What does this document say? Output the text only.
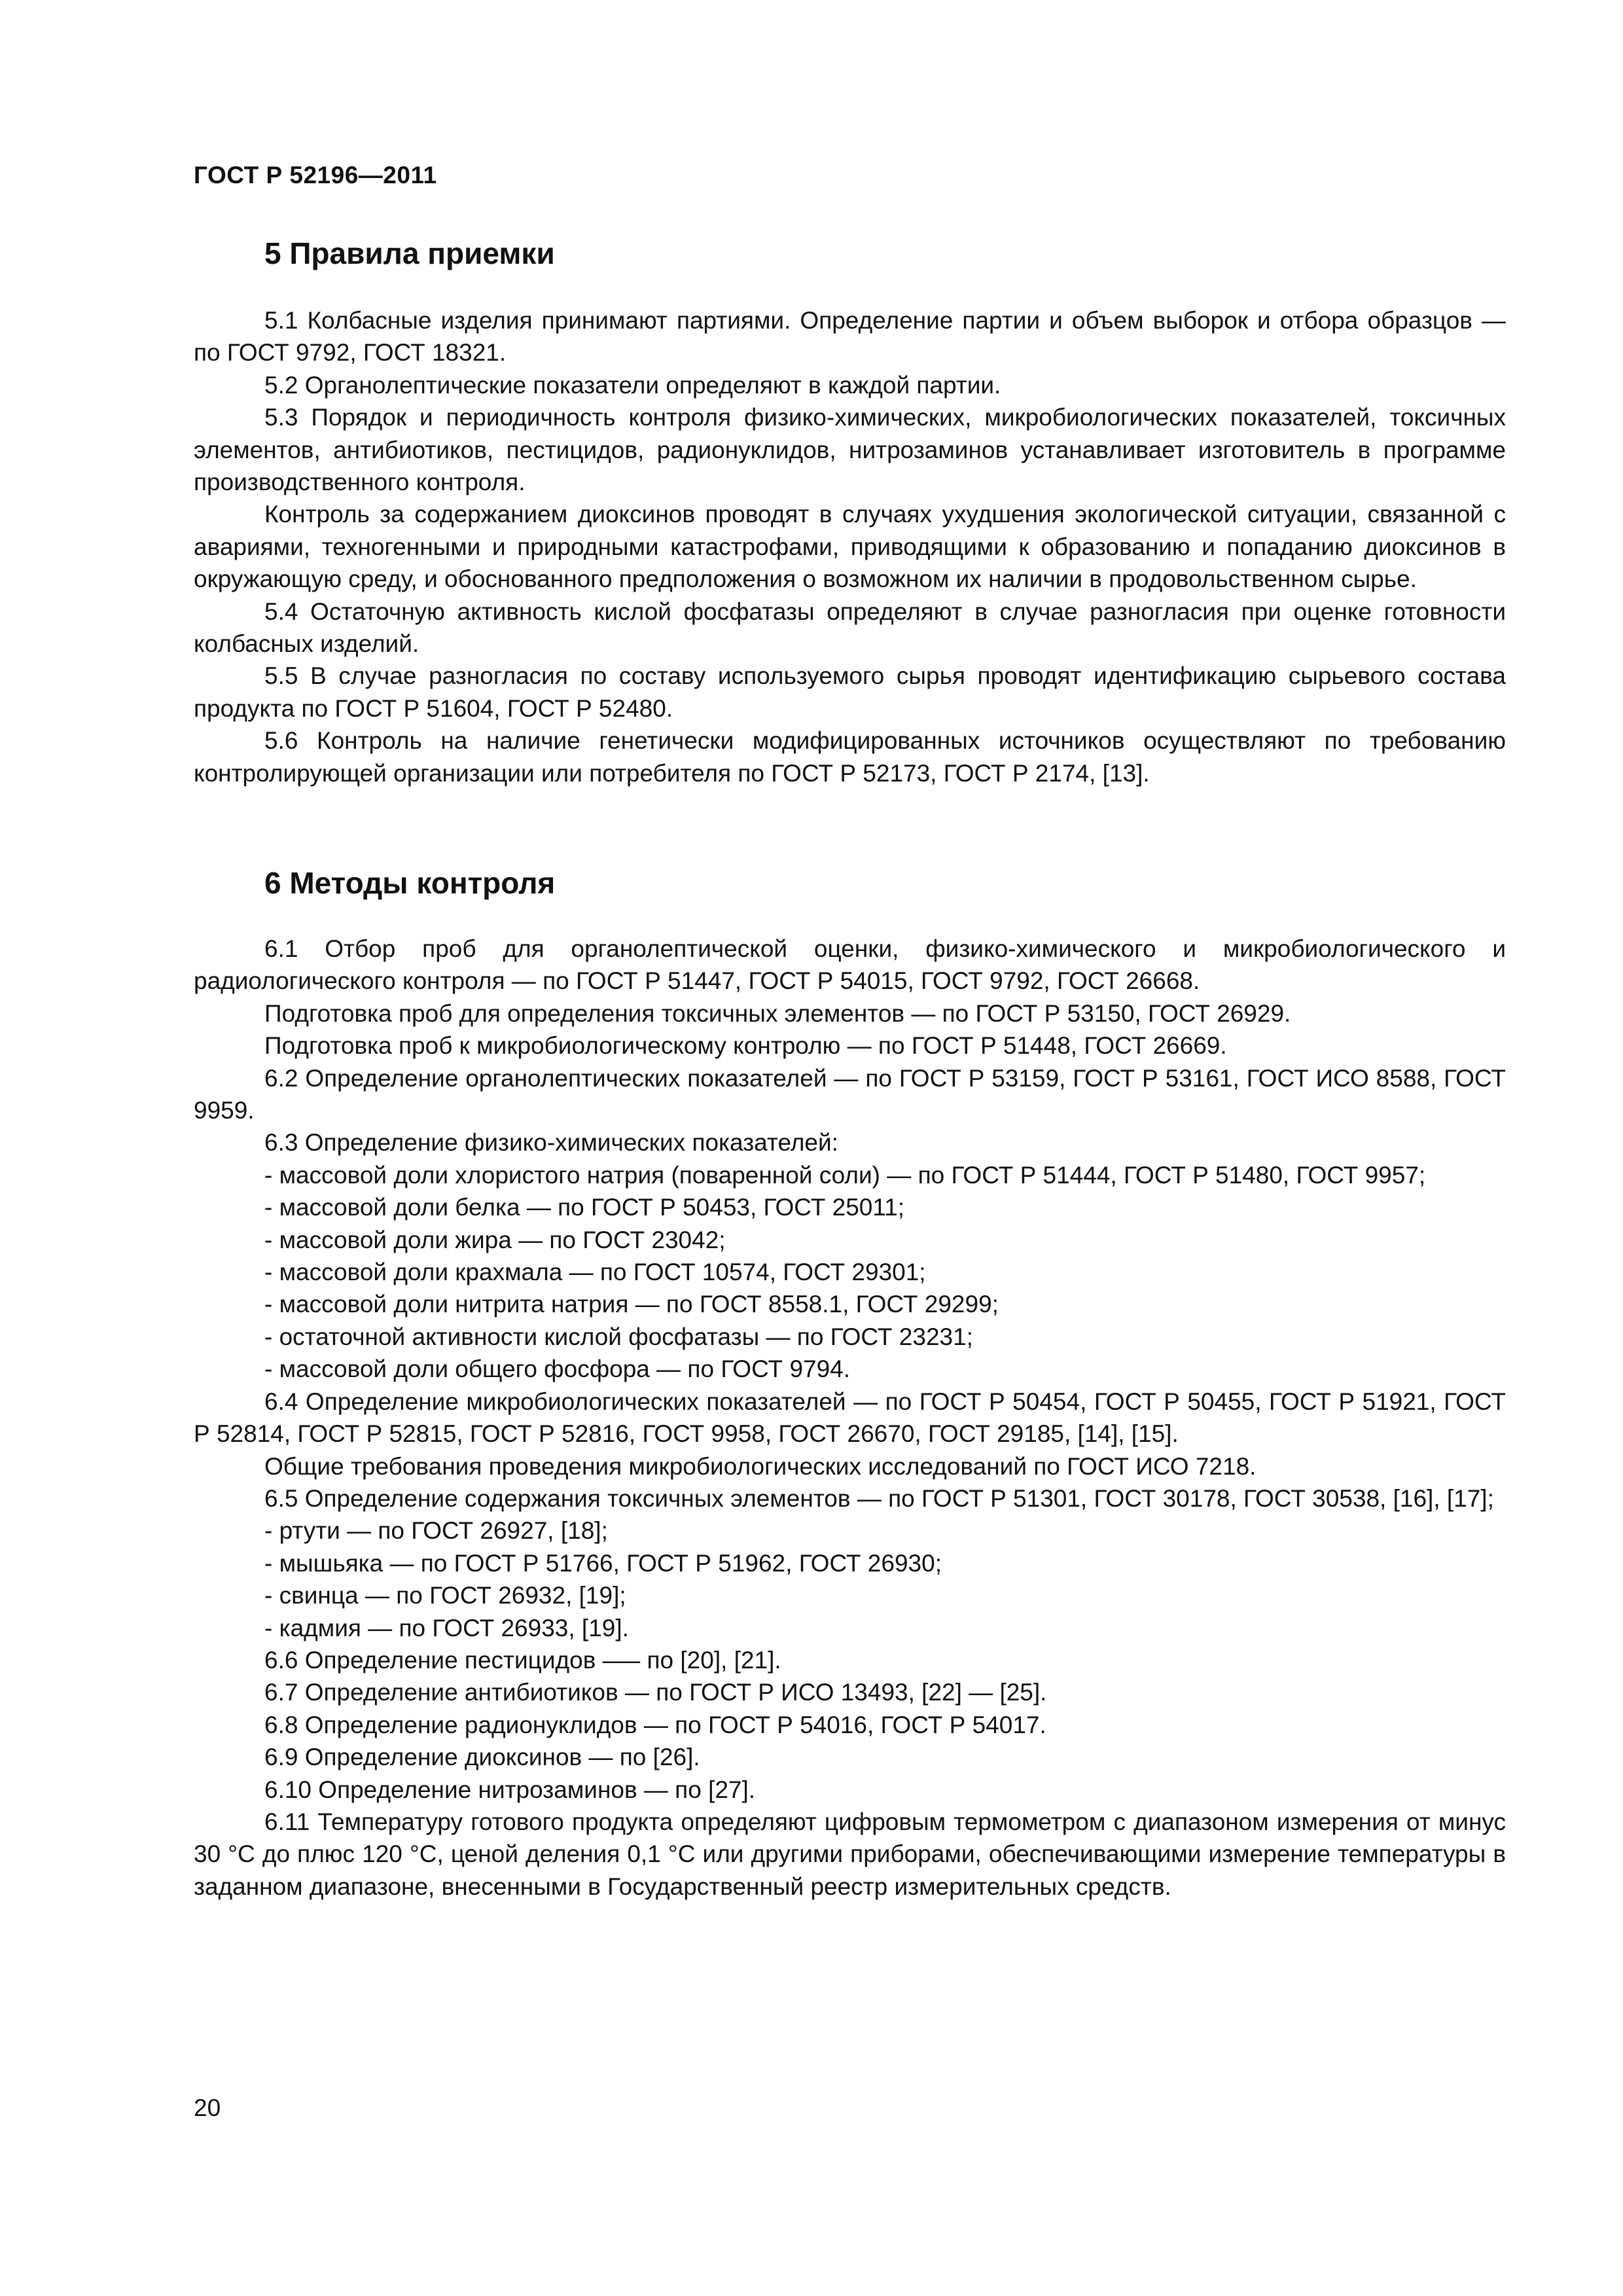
ГОСТ Р 52196—2011
5 Правила приемки

5.1 Колбасные изделия принимают партиями. Определение партии и объем выборок и отбора образцов — по ГОСТ 9792, ГОСТ 18321.

5.2 Органолептические показатели определяют в каждой партии.

5.3 Порядок и периодичность контроля физико-химических, микробиологических показателей, токсичных элементов, антибиотиков, пестицидов, радионуклидов, нитрозаминов устанавливает изготовитель в программе производственного контроля.

Контроль за содержанием диоксинов проводят в случаях ухудшения экологической ситуации, связанной с авариями, техногенными и природными катастрофами, приводящими к образованию и попаданию диоксинов в окружающую среду, и обоснованного предположения о возможном их наличии в продовольственном сырье.

5.4 Остаточную активность кислой фосфатазы определяют в случае разногласия при оценке готовности колбасных изделий.

5.5 В случае разногласия по составу используемого сырья проводят идентификацию сырьевого состава продукта по ГОСТ Р 51604, ГОСТ Р 52480.

5.6 Контроль на наличие генетически модифицированных источников осуществляют по требованию контролирующей организации или потребителя по ГОСТ Р 52173, ГОСТ Р 2174, [13].

6 Методы контроля

6.1 Отбор проб для органолептической оценки, физико-химического и микробиологического и радиологического контроля — по ГОСТ Р 51447, ГОСТ Р 54015, ГОСТ 9792, ГОСТ 26668.

Подготовка проб для определения токсичных элементов — по ГОСТ Р 53150, ГОСТ 26929.

Подготовка проб к микробиологическому контролю — по ГОСТ Р 51448, ГОСТ 26669.

6.2 Определение органолептических показателей — по ГОСТ Р 53159, ГОСТ Р 53161, ГОСТ ИСО 8588, ГОСТ 9959.

6.3 Определение физико-химических показателей:

- массовой доли хлористого натрия (поваренной соли) — по ГОСТ Р 51444, ГОСТ Р 51480, ГОСТ 9957;

- массовой доли белка — по ГОСТ Р 50453, ГОСТ 25011;

- массовой доли жира — по ГОСТ 23042;

- массовой доли крахмала — по ГОСТ 10574, ГОСТ 29301;

- массовой доли нитрита натрия — по ГОСТ 8558.1, ГОСТ 29299;

- остаточной активности кислой фосфатазы — по ГОСТ 23231;

- массовой доли общего фосфора — по ГОСТ 9794.

6.4 Определение микробиологических показателей — по ГОСТ Р 50454, ГОСТ Р 50455, ГОСТ Р 51921, ГОСТ Р 52814, ГОСТ Р 52815, ГОСТ Р 52816, ГОСТ 9958, ГОСТ 26670, ГОСТ 29185, [14], [15].

Общие требования проведения микробиологических исследований по ГОСТ ИСО 7218.

6.5 Определение содержания токсичных элементов — по ГОСТ Р 51301, ГОСТ 30178, ГОСТ 30538, [16], [17];

- ртути — по ГОСТ 26927, [18];

- мышьяка — по ГОСТ Р 51766, ГОСТ Р 51962, ГОСТ 26930;

- свинца — по ГОСТ 26932, [19];

- кадмия — по ГОСТ 26933, [19].

6.6 Определение пестицидов —– по [20], [21].

6.7 Определение антибиотиков — по ГОСТ Р ИСО 13493, [22] — [25].

6.8 Определение радионуклидов — по ГОСТ Р 54016, ГОСТ Р 54017.

6.9 Определение диоксинов — по [26].

6.10 Определение нитрозаминов — по [27].

6.11 Температуру готового продукта определяют цифровым термометром с диапазоном измерения от минус 30 °С до плюс 120 °С, ценой деления 0,1 °С или другими приборами, обеспечивающими измерение температуры в заданном диапазоне, внесенными в Государственный реестр измерительных средств.

20
